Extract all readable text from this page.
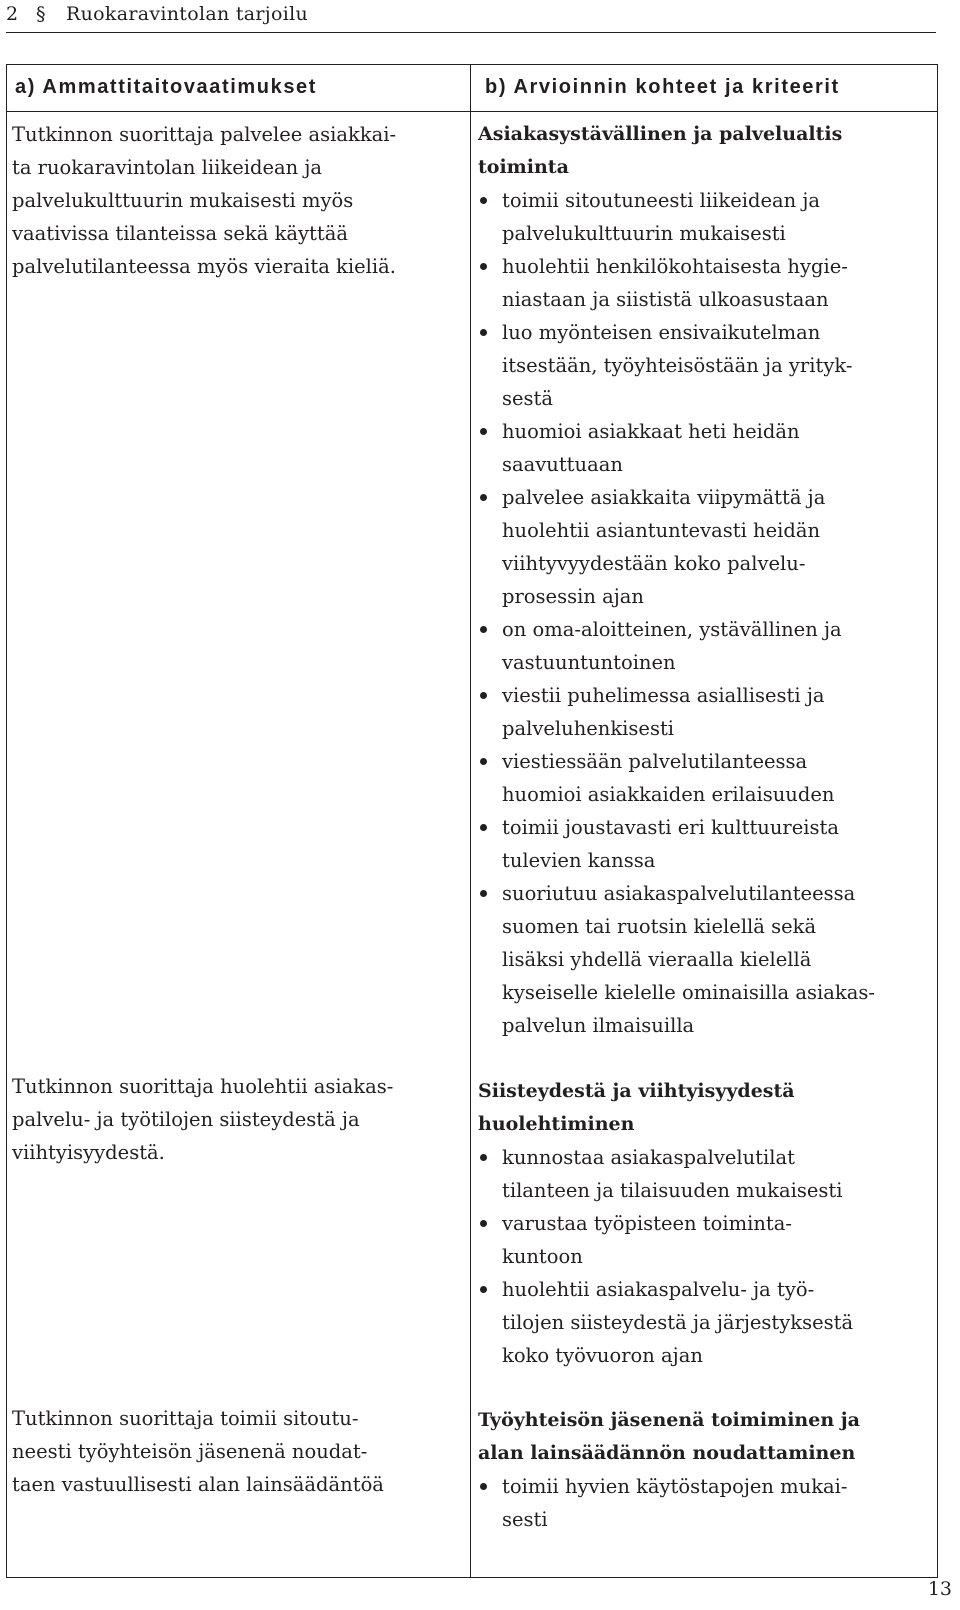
2 § Ruokaravintolan tarjoilu
a) Ammattitaitovaatimukset	b) Arvioinnin kohteet ja kriteerit
Tutkinnon suorittaja palvelee asiakkai-
ta ruokaravintolan liikeidean ja
palvelukulttuurin mukaisesti myös
vaativissa tilanteissa sekä käyttää
palvelutilanteessa myös vieraita kieliä.
Tutkinnon suorittaja huolehtii asiakas-
palvelu- ja työtilojen siisteydestä ja
viihtyisyydestä.
Tutkinnon suorittaja toimii sitoutu-
neesti työyhteisön jäsenenä noudat-
taen vastuullisesti alan lainsäädäntöä
Asiakasystävällinen ja palvelualtis
toiminta
toimii sitoutuneesti liikeidean ja
palvelukulttuurin mukaisesti
huolehtii henkilökohtaisesta hygie-
niastaan ja siististä ulkoasustaan
luo myönteisen ensivaikutelman
itsestään, työyhteisöstään ja yrityk-
sestä
huomioi asiakkaat heti heidän
saavuttuaan
palvelee asiakkaita viipymättä ja
huolehtii asiantuntevasti heidän
viihtyvyydestään koko palvelu-
prosessin ajan
on oma-aloitteinen, ystävällinen ja
vastuuntuntoinen
viestii puhelimessa asiallisesti ja
palveluhenkisesti
viestiessään palvelutilanteessa
huomioi asiakkaiden erilaisuuden
toimii joustavasti eri kulttuureista
tulevien kanssa
suoriutuu asiakaspalvelutilanteessa
suomen tai ruotsin kielellä sekä
lisäksi yhdellä vieraalla kielellä
kyseiselle kielelle ominaisilla asiakas-
palvelun ilmaisuilla
Siisteydestä ja viihtyisyydestä
huolehtiminen
kunnostaa asiakaspalvelutilat
tilanteen ja tilaisuuden mukaisesti
varustaa työpisteen toiminta-
kuntoon
huolehtii asiakaspalvelu- ja työ-
tilojen siisteydestä ja järjestyksestä
koko työvuoron ajan
Työyhteisön jäsenenä toimiminen ja
alan lainsäädännön noudattaminen
toimii hyvien käytöstapojen mukai-
sesti
13
